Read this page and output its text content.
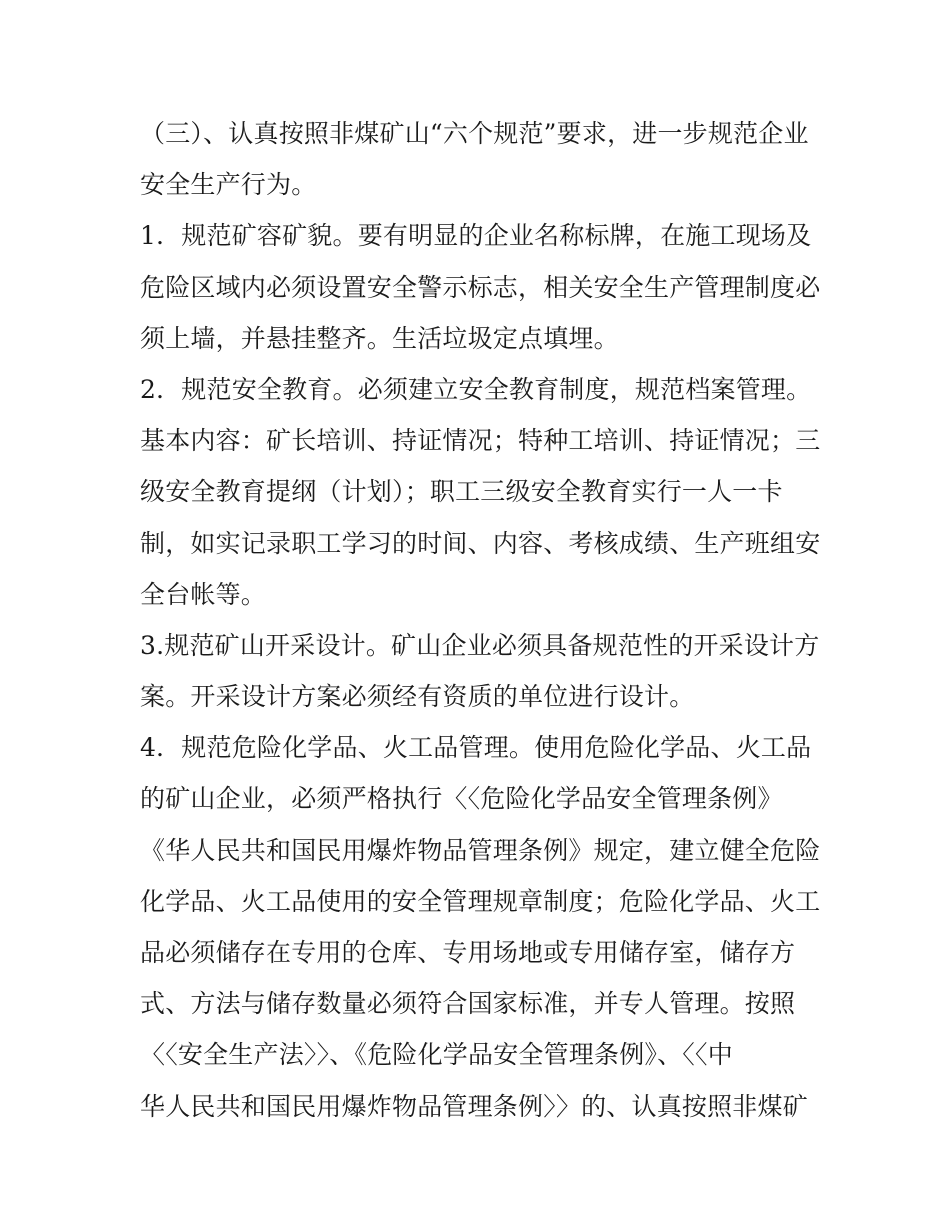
（三）、认真按照非煤矿山“六个规范”要求，进一步规范企业
安全生产行为。
1．规范矿容矿貌。要有明显的企业名称标牌，在施工现场及
危险区域内必须设置安全警示标志，相关安全生产管理制度必
须上墙，并悬挂整齐。生活垃圾定点填埋。
2．规范安全教育。必须建立安全教育制度，规范档案管理。
基本内容：矿长培训、持证情况；特种工培训、持证情况；三
级安全教育提纲（计划）；职工三级安全教育实行一人一卡
制，如实记录职工学习的时间、内容、考核成绩、生产班组安
全台帐等。
3.规范矿山开采设计。矿山企业必须具备规范性的开采设计方
案。开采设计方案必须经有资质的单位进行设计。
4．规范危险化学品、火工品管理。使用危险化学品、火工品
的矿山企业，必须严格执行〈〈危险化学品安全管理条例》
《华人民共和国民用爆炸物品管理条例》规定，建立健全危险
化学品、火工品使用的安全管理规章制度；危险化学品、火工
品必须储存在专用的仓库、专用场地或专用储存室，储存方
式、方法与储存数量必须符合国家标准，并专人管理。按照
〈〈安全生产法〉〉、《危险化学品安全管理条例》、〈〈中
华人民共和国民用爆炸物品管理条例〉〉的、认真按照非煤矿
